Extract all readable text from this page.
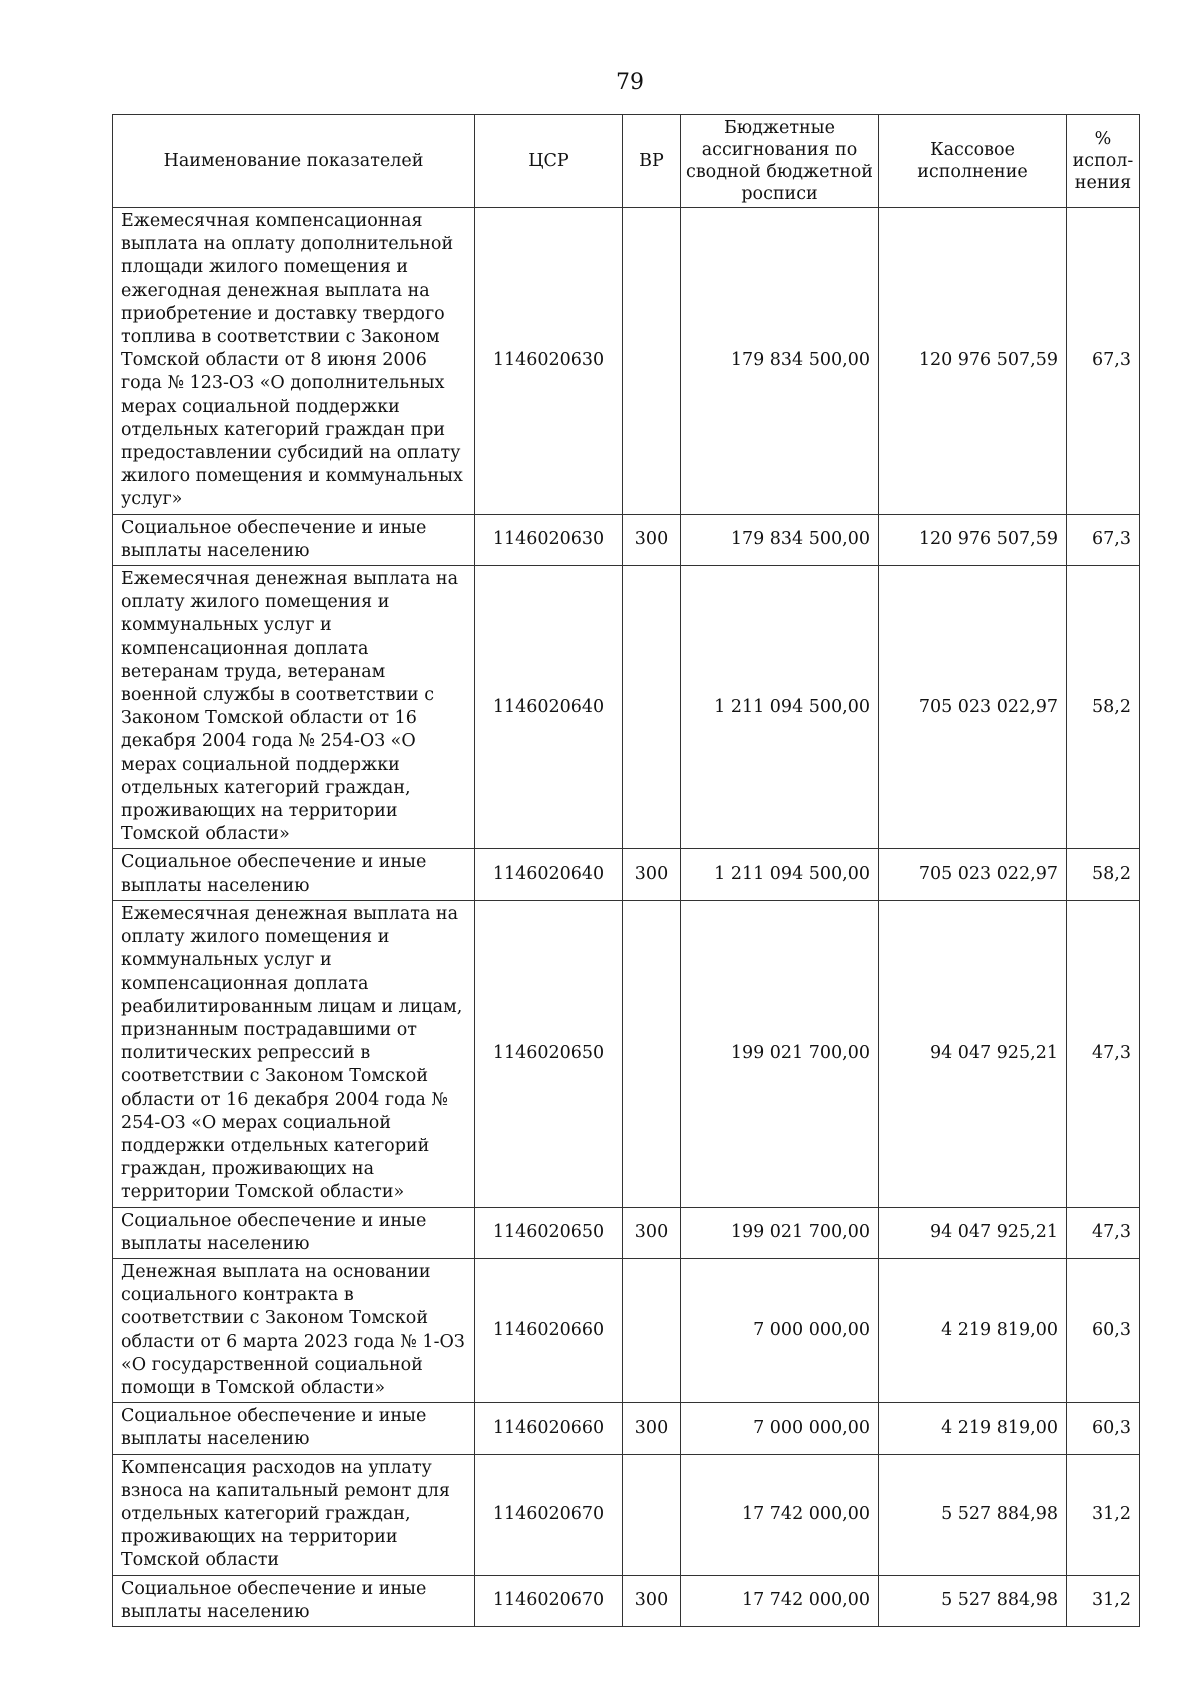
79
Наименование показателей	ЦСР	ВР	Бюджетные ассигнования по сводной бюджетной росписи	Кассовое исполнение	% испол-нения
Ежемесячная компенсационная выплата на оплату дополнительной площади жилого помещения и ежегодная денежная выплата на приобретение и доставку твердого топлива в соответствии с Законом Томской области от 8 июня 2006 года № 123-ОЗ «О дополнительных мерах социальной поддержки отдельных категорий граждан при предоставлении субсидий на оплату жилого помещения и коммунальных услуг»	1146020630		179 834 500,00	120 976 507,59	67,3
Социальное обеспечение и иные выплаты населению	1146020630	300	179 834 500,00	120 976 507,59	67,3
Ежемесячная денежная выплата на оплату жилого помещения и коммунальных услуг и компенсационная доплата ветеранам труда, ветеранам военной службы в соответствии с Законом Томской области от 16 декабря 2004 года № 254-ОЗ «О мерах социальной поддержки отдельных категорий граждан, проживающих на территории Томской области»	1146020640		1 211 094 500,00	705 023 022,97	58,2
Социальное обеспечение и иные выплаты населению	1146020640	300	1 211 094 500,00	705 023 022,97	58,2
Ежемесячная денежная выплата на оплату жилого помещения и коммунальных услуг и компенсационная доплата реабилитированным лицам и лицам, признанным пострадавшими от политических репрессий в соответствии с Законом Томской области от 16 декабря 2004 года № 254-ОЗ «О мерах социальной поддержки отдельных категорий граждан, проживающих на территории Томской области»	1146020650		199 021 700,00	94 047 925,21	47,3
Социальное обеспечение и иные выплаты населению	1146020650	300	199 021 700,00	94 047 925,21	47,3
Денежная выплата на основании социального контракта в соответствии с Законом Томской области от 6 марта 2023 года № 1-ОЗ «О государственной социальной помощи в Томской области»	1146020660		7 000 000,00	4 219 819,00	60,3
Социальное обеспечение и иные выплаты населению	1146020660	300	7 000 000,00	4 219 819,00	60,3
Компенсация расходов на уплату взноса на капитальный ремонт для отдельных категорий граждан, проживающих на территории Томской области	1146020670		17 742 000,00	5 527 884,98	31,2
Социальное обеспечение и иные выплаты населению	1146020670	300	17 742 000,00	5 527 884,98	31,2
